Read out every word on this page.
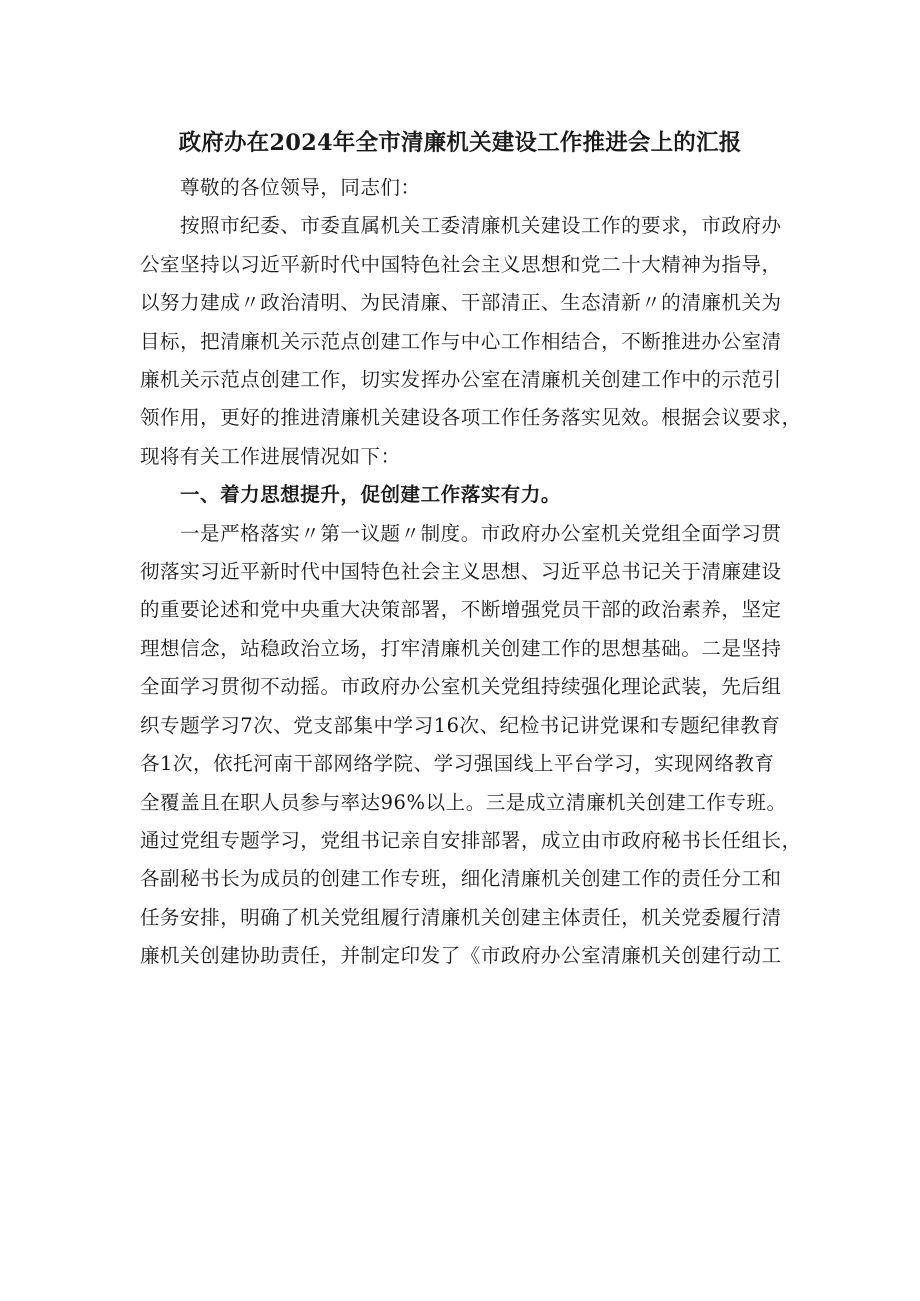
政府办在2024年全市清廉机关建设工作推进会上的汇报
尊敬的各位领导，同志们：
按照市纪委、市委直属机关工委清廉机关建设工作的要求，市政府办
公室坚持以习近平新时代中国特色社会主义思想和党二十大精神为指导，
以努力建成〃政治清明、为民清廉、干部清正、生态清新〃的清廉机关为
目标，把清廉机关示范点创建工作与中心工作相结合，不断推进办公室清
廉机关示范点创建工作，切实发挥办公室在清廉机关创建工作中的示范引
领作用，更好的推进清廉机关建设各项工作任务落实见效。根据会议要求，
现将有关工作进展情况如下：
一、着力思想提升，促创建工作落实有力。
一是严格落实〃第一议题〃制度。市政府办公室机关党组全面学习贯
彻落实习近平新时代中国特色社会主义思想、习近平总书记关于清廉建设
的重要论述和党中央重大决策部署，不断增强党员干部的政治素养，坚定
理想信念，站稳政治立场，打牢清廉机关创建工作的思想基础。二是坚持
全面学习贯彻不动摇。市政府办公室机关党组持续强化理论武装，先后组
织专题学习7次、党支部集中学习16次、纪检书记讲党课和专题纪律教育
各1次，依托河南干部网络学院、学习强国线上平台学习，实现网络教育
全覆盖且在职人员参与率达96%以上。三是成立清廉机关创建工作专班。
通过党组专题学习，党组书记亲自安排部署，成立由市政府秘书长任组长，
各副秘书长为成员的创建工作专班，细化清廉机关创建工作的责任分工和
任务安排，明确了机关党组履行清廉机关创建主体责任，机关党委履行清
廉机关创建协助责任，并制定印发了《市政府办公室清廉机关创建行动工
